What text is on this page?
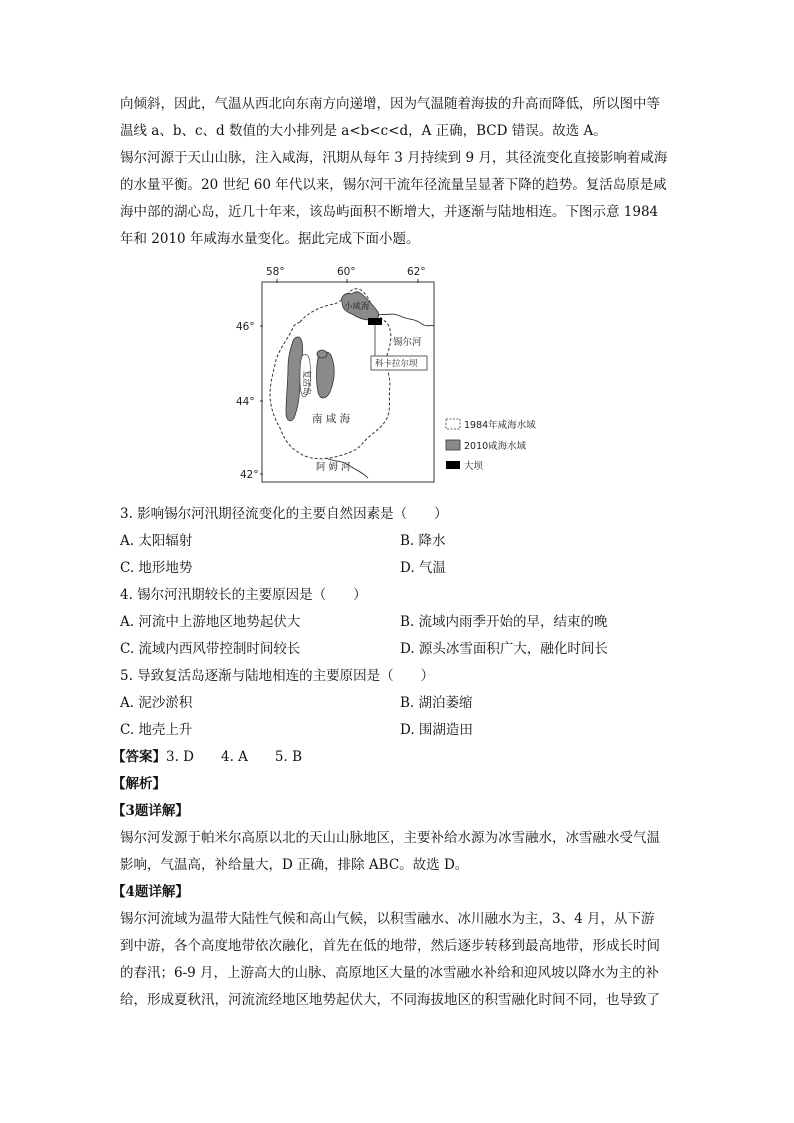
向倾斜，因此，气温从西北向东南方向递增，因为气温随着海拔的升高而降低，所以图中等
温线 a、b、c、d 数值的大小排列是 a<b<c<d，A 正确，BCD 错误。故选 A。
锡尔河源于天山山脉，注入咸海，汛期从每年 3 月持续到 9 月，其径流变化直接影响着咸海
的水量平衡。20 世纪 60 年代以来，锡尔河干流年径流量呈显著下降的趋势。复活岛原是咸
海中部的湖心岛，近几十年来，该岛屿面积不断增大，并逐渐与陆地相连。下图示意 1984
年和 2010 年咸海水量变化。据此完成下面小题。
58°	60°	62°
46°
44°
42°
南 咸 海
锡尔河
科卡拉尔坝
小咸海
复活岛
阿 姆 河
1984年咸海水域
2010咸海水域
大坝
3. 影响锡尔河汛期径流变化的主要自然因素是（　　）
A. 太阳辐射	B. 降水
C. 地形地势	D. 气温
4. 锡尔河汛期较长的主要原因是（　　）
A. 河流中上游地区地势起伏大	B. 流域内雨季开始的早，结束的晚
C. 流域内西风带控制时间较长	D. 源头冰雪面积广大，融化时间长
5. 导致复活岛逐渐与陆地相连的主要原因是（　　）
A. 泥沙淤积	B. 湖泊萎缩
C. 地壳上升	D. 围湖造田
【答案】3. D　　4. A　　5. B
【解析】
【3题详解】
锡尔河发源于帕米尔高原以北的天山山脉地区，主要补给水源为冰雪融水，冰雪融水受气温
影响，气温高，补给量大，D 正确，排除 ABC。故选 D。
【4题详解】
锡尔河流域为温带大陆性气候和高山气候，以积雪融水、冰川融水为主，3、4 月，从下游
到中游，各个高度地带依次融化，首先在低的地带，然后逐步转移到最高地带，形成长时间
的春汛；6-9 月，上游高大的山脉、高原地区大量的冰雪融水补给和迎风坡以降水为主的补
给，形成夏秋汛，河流流经地区地势起伏大，不同海拔地区的积雪融化时间不同，也导致了
